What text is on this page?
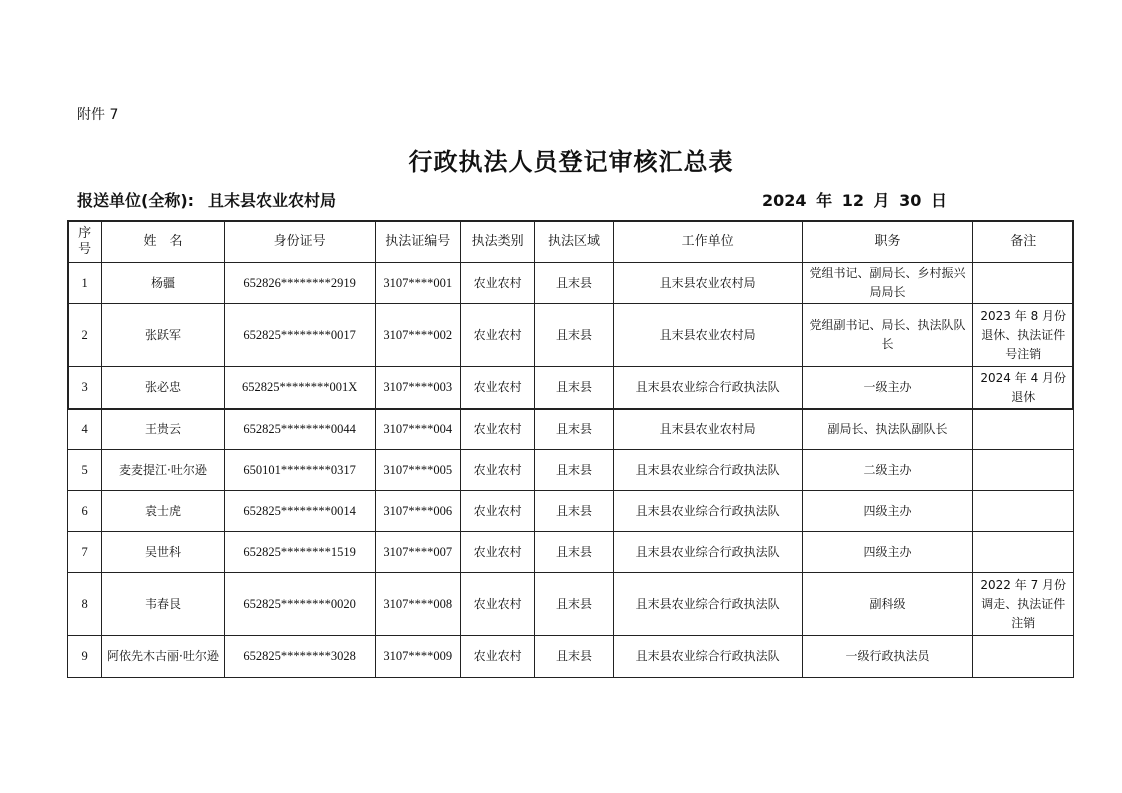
附件 7
行政执法人员登记审核汇总表
报送单位(全称): 且末县农业农村局	2024 年 12 月 30 日
序号	姓　名	身份证号	执法证编号	执法类别	执法区域	工作单位	职务	备注
1	杨疆	652826********2919	3107****001	农业农村	且末县	且末县农业农村局	党组书记、副局长、乡村振兴局局长	
2	张跃军	652825********0017	3107****002	农业农村	且末县	且末县农业农村局	党组副书记、局长、执法队队长	2023 年 8 月份退休、执法证件号注销
3	张必忠	652825********001X	3107****003	农业农村	且末县	且末县农业综合行政执法队	一级主办	2024 年 4 月份退休
4	王贵云	652825********0044	3107****004	农业农村	且末县	且末县农业农村局	副局长、执法队副队长	
5	麦麦提江·吐尔逊	650101********0317	3107****005	农业农村	且末县	且末县农业综合行政执法队	二级主办	
6	袁士虎	652825********0014	3107****006	农业农村	且末县	且末县农业综合行政执法队	四级主办	
7	吴世科	652825********1519	3107****007	农业农村	且末县	且末县农业综合行政执法队	四级主办	
8	韦春艮	652825********0020	3107****008	农业农村	且末县	且末县农业综合行政执法队	副科级	2022 年 7 月份调走、执法证件注销
9	阿依先木古丽·吐尔逊	652825********3028	3107****009	农业农村	且末县	且末县农业综合行政执法队	一级行政执法员	
